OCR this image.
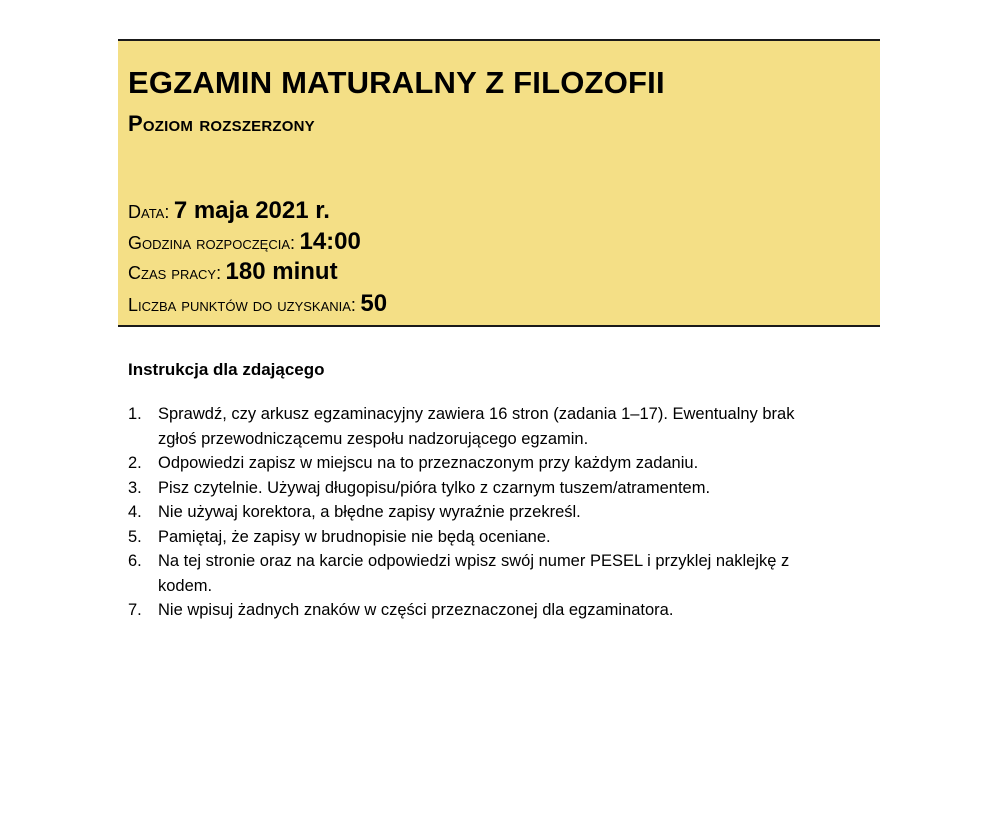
EGZAMIN MATURALNY Z FILOZOFII
Poziom rozszerzony
Data: 7 maja 2021 r.
Godzina rozpoczęcia: 14:00
Czas pracy: 180 minut
Liczba punktów do uzyskania: 50
Instrukcja dla zdającego
1. Sprawdź, czy arkusz egzaminacyjny zawiera 16 stron (zadania 1–17). Ewentualny brak zgłoś przewodniczącemu zespołu nadzorującego egzamin.
2. Odpowiedzi zapisz w miejscu na to przeznaczonym przy każdym zadaniu.
3. Pisz czytelnie. Używaj długopisu/pióra tylko z czarnym tuszem/atramentem.
4. Nie używaj korektora, a błędne zapisy wyraźnie przekreśl.
5. Pamiętaj, że zapisy w brudnopisie nie będą oceniane.
6. Na tej stronie oraz na karcie odpowiedzi wpisz swój numer PESEL i przyklej naklejkę z kodem.
7. Nie wpisuj żadnych znaków w części przeznaczonej dla egzaminatora.
